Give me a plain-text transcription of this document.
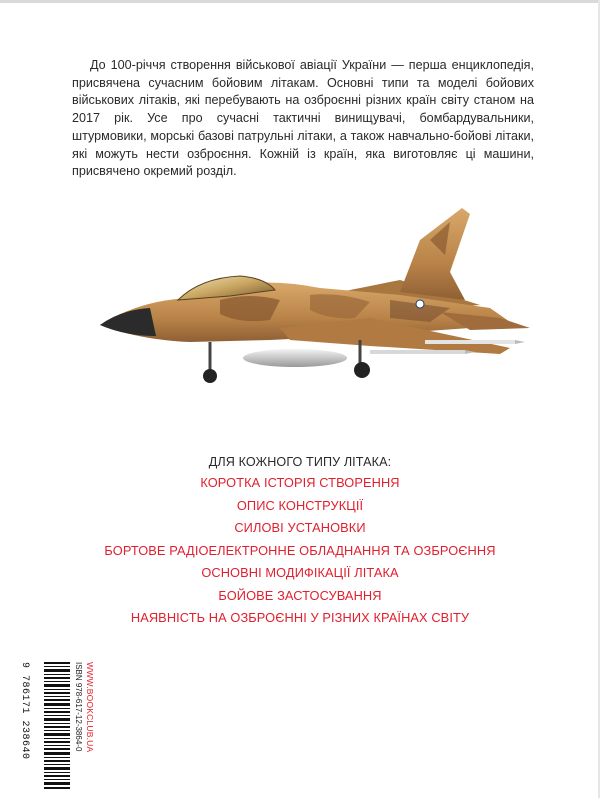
До 100-річчя створення військової авіації України — перша енциклопедія, присвячена сучасним бойовим літакам. Основні типи та моделі бойових військових літаків, які перебувають на озброєнні різних країн світу станом на 2017 рік. Усе про сучасні тактичні винищувачі, бомбардувальники, штурмовики, морські базові патрульні літаки, а також навчально-бойові літаки, які можуть нести озброєння. Кожній із країн, яка виготовляє ці машини, присвячено окремий розділ.

ДЛЯ КОЖНОГО ТИПУ ЛІТАКА:
КОРОТКА ІСТОРІЯ СТВОРЕННЯ
ОПИС КОНСТРУКЦІЇ
СИЛОВІ УСТАНОВКИ
БОРТОВЕ РАДІОЕЛЕКТРОННЕ ОБЛАДНАННЯ ТА ОЗБРОЄННЯ
ОСНОВНІ МОДИФІКАЦІЇ ЛІТАКА
БОЙОВЕ ЗАСТОСУВАННЯ
НАЯВНІСТЬ НА ОЗБРОЄННІ У РІЗНИХ КРАЇНАХ СВІТУ
WWW.BOOKCLUB.UA
ISBN 978-617-12-3864-0
9 786171 238640
